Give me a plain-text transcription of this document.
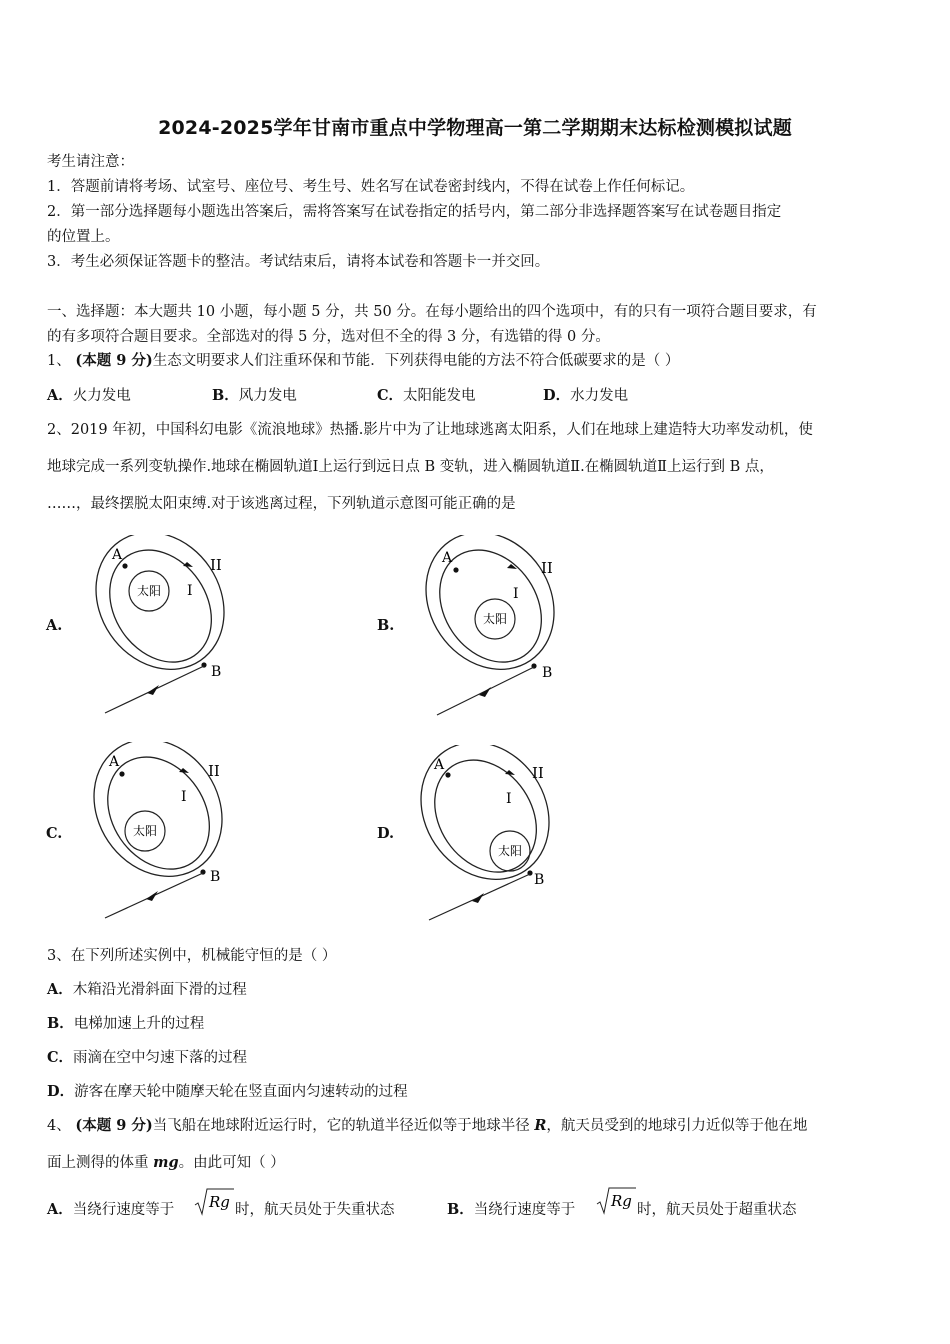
2024-2025学年甘南市重点中学物理高一第二学期期末达标检测模拟试题
考生请注意：
1．答题前请将考场、试室号、座位号、考生号、姓名写在试卷密封线内，不得在试卷上作任何标记。
2．第一部分选择题每小题选出答案后，需将答案写在试卷指定的括号内，第二部分非选择题答案写在试卷题目指定
的位置上。
3．考生必须保证答题卡的整洁。考试结束后，请将本试卷和答题卡一并交回。
一、选择题：本大题共 10 小题，每小题 5 分，共 50 分。在每小题给出的四个选项中，有的只有一项符合题目要求，有
的有多项符合题目要求。全部选对的得 5 分，选对但不全的得 3 分，有选错的得 0 分。
1、 (本题 9 分)生态文明要求人们注重环保和节能．下列获得电能的方法不符合低碳要求的是（ ）
A．火力发电	B．风力发电	C．太阳能发电	D．水力发电
2、2019 年初，中国科幻电影《流浪地球》热播.影片中为了让地球逃离太阳系，人们在地球上建造特大功率发动机，使
地球完成一系列变轨操作.地球在椭圆轨道Ⅰ上运行到远日点 B 变轨，进入椭圆轨道Ⅱ.在椭圆轨道Ⅱ上运行到 B 点，
……，最终摆脱太阳束缚.对于该逃离过程，下列轨道示意图可能正确的是
A.	B.
C.	D.
太阳
A
II
I
B
太阳
A
II
I
B
太阳
A	II
I
B
太阳
A	II
I
B
3、在下列所述实例中，机械能守恒的是（ ）
A．木箱沿光滑斜面下滑的过程
B．电梯加速上升的过程
C．雨滴在空中匀速下落的过程
D．游客在摩天轮中随摩天轮在竖直面内匀速转动的过程
4、 (本题 9 分)当飞船在地球附近运行时，它的轨道半径近似等于地球半径 R，航天员受到的地球引力近似等于他在地
面上测得的体重 mg。由此可知（ ）
A．当绕行速度等于 Rg 时，航天员处于失重状态	B．当绕行速度等于 Rg 时，航天员处于超重状态
